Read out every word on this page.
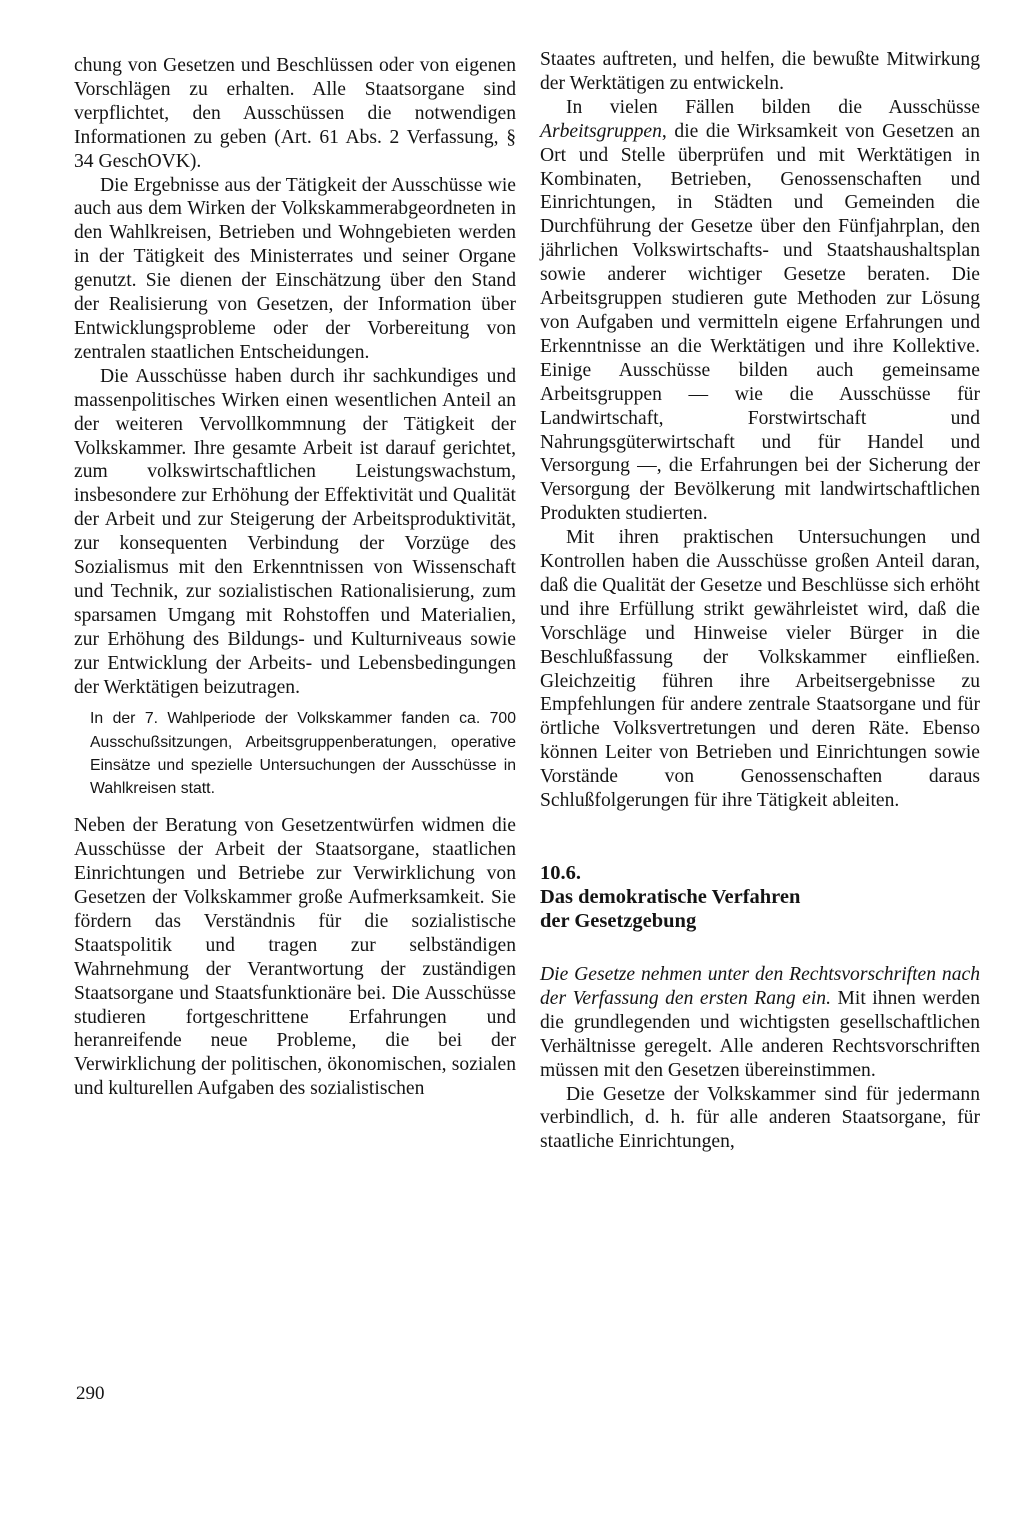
chung von Gesetzen und Beschlüssen oder von eigenen Vorschlägen zu erhalten. Alle Staatsorgane sind verpflichtet, den Ausschüssen die notwendigen Informationen zu geben (Art. 61 Abs. 2 Verfassung, § 34 GeschOVK).

Die Ergebnisse aus der Tätigkeit der Ausschüsse wie auch aus dem Wirken der Volkskammerabgeordneten in den Wahlkreisen, Betrieben und Wohngebieten werden in der Tätigkeit des Ministerrates und seiner Organe genutzt. Sie dienen der Einschätzung über den Stand der Realisierung von Gesetzen, der Information über Entwicklungsprobleme oder der Vorbereitung von zentralen staatlichen Entscheidungen.

Die Ausschüsse haben durch ihr sachkundiges und massenpolitisches Wirken einen wesentlichen Anteil an der weiteren Vervollkommnung der Tätigkeit der Volkskammer. Ihre gesamte Arbeit ist darauf gerichtet, zum volkswirtschaftlichen Leistungswachstum, insbesondere zur Erhöhung der Effektivität und Qualität der Arbeit und zur Steigerung der Arbeitsproduktivität, zur konsequenten Verbindung der Vorzüge des Sozialismus mit den Erkenntnissen von Wissenschaft und Technik, zur sozialistischen Rationalisierung, zum sparsamen Umgang mit Rohstoffen und Materialien, zur Erhöhung des Bildungs- und Kulturniveaus sowie zur Entwicklung der Arbeits- und Lebensbedingungen der Werktätigen beizutragen.

In der 7. Wahlperiode der Volkskammer fanden ca. 700 Ausschußsitzungen, Arbeitsgruppenberatungen, operative Einsätze und spezielle Untersuchungen der Ausschüsse in Wahlkreisen statt.

Neben der Beratung von Gesetzentwürfen widmen die Ausschüsse der Arbeit der Staatsorgane, staatlichen Einrichtungen und Betriebe zur Verwirklichung von Gesetzen der Volkskammer große Aufmerksamkeit. Sie fördern das Verständnis für die sozialistische Staatspolitik und tragen zur selbständigen Wahrnehmung der Verantwortung der zuständigen Staatsorgane und Staatsfunktionäre bei. Die Ausschüsse studieren fortgeschrittene Erfahrungen und heranreifende neue Probleme, die bei der Verwirklichung der politischen, ökonomischen, sozialen und kulturellen Aufgaben des sozialistischen

Staates auftreten, und helfen, die bewußte Mitwirkung der Werktätigen zu entwickeln.

In vielen Fällen bilden die Ausschüsse Arbeitsgruppen, die die Wirksamkeit von Gesetzen an Ort und Stelle überprüfen und mit Werktätigen in Kombinaten, Betrieben, Genossenschaften und Einrichtungen, in Städten und Gemeinden die Durchführung der Gesetze über den Fünfjahrplan, den jährlichen Volkswirtschafts- und Staatshaushaltsplan sowie anderer wichtiger Gesetze beraten. Die Arbeitsgruppen studieren gute Methoden zur Lösung von Aufgaben und vermitteln eigene Erfahrungen und Erkenntnisse an die Werktätigen und ihre Kollektive. Einige Ausschüsse bilden auch gemeinsame Arbeitsgruppen — wie die Ausschüsse für Landwirtschaft, Forstwirtschaft und Nahrungsgüterwirtschaft und für Handel und Versorgung —, die Erfahrungen bei der Sicherung der Versorgung der Bevölkerung mit landwirtschaftlichen Produkten studierten.

Mit ihren praktischen Untersuchungen und Kontrollen haben die Ausschüsse großen Anteil daran, daß die Qualität der Gesetze und Beschlüsse sich erhöht und ihre Erfüllung strikt gewährleistet wird, daß die Vorschläge und Hinweise vieler Bürger in die Beschlußfassung der Volkskammer einfließen. Gleichzeitig führen ihre Arbeitsergebnisse zu Empfehlungen für andere zentrale Staatsorgane und für örtliche Volksvertretungen und deren Räte. Ebenso können Leiter von Betrieben und Einrichtungen sowie Vorstände von Genossenschaften daraus Schlußfolgerungen für ihre Tätigkeit ableiten.

10.6.
Das demokratische Verfahren
der Gesetzgebung

Die Gesetze nehmen unter den Rechtsvorschriften nach der Verfassung den ersten Rang ein. Mit ihnen werden die grundlegenden und wichtigsten gesellschaftlichen Verhältnisse geregelt. Alle anderen Rechtsvorschriften müssen mit den Gesetzen übereinstimmen.

Die Gesetze der Volkskammer sind für jedermann verbindlich, d. h. für alle anderen Staatsorgane, für staatliche Einrichtungen,

290
